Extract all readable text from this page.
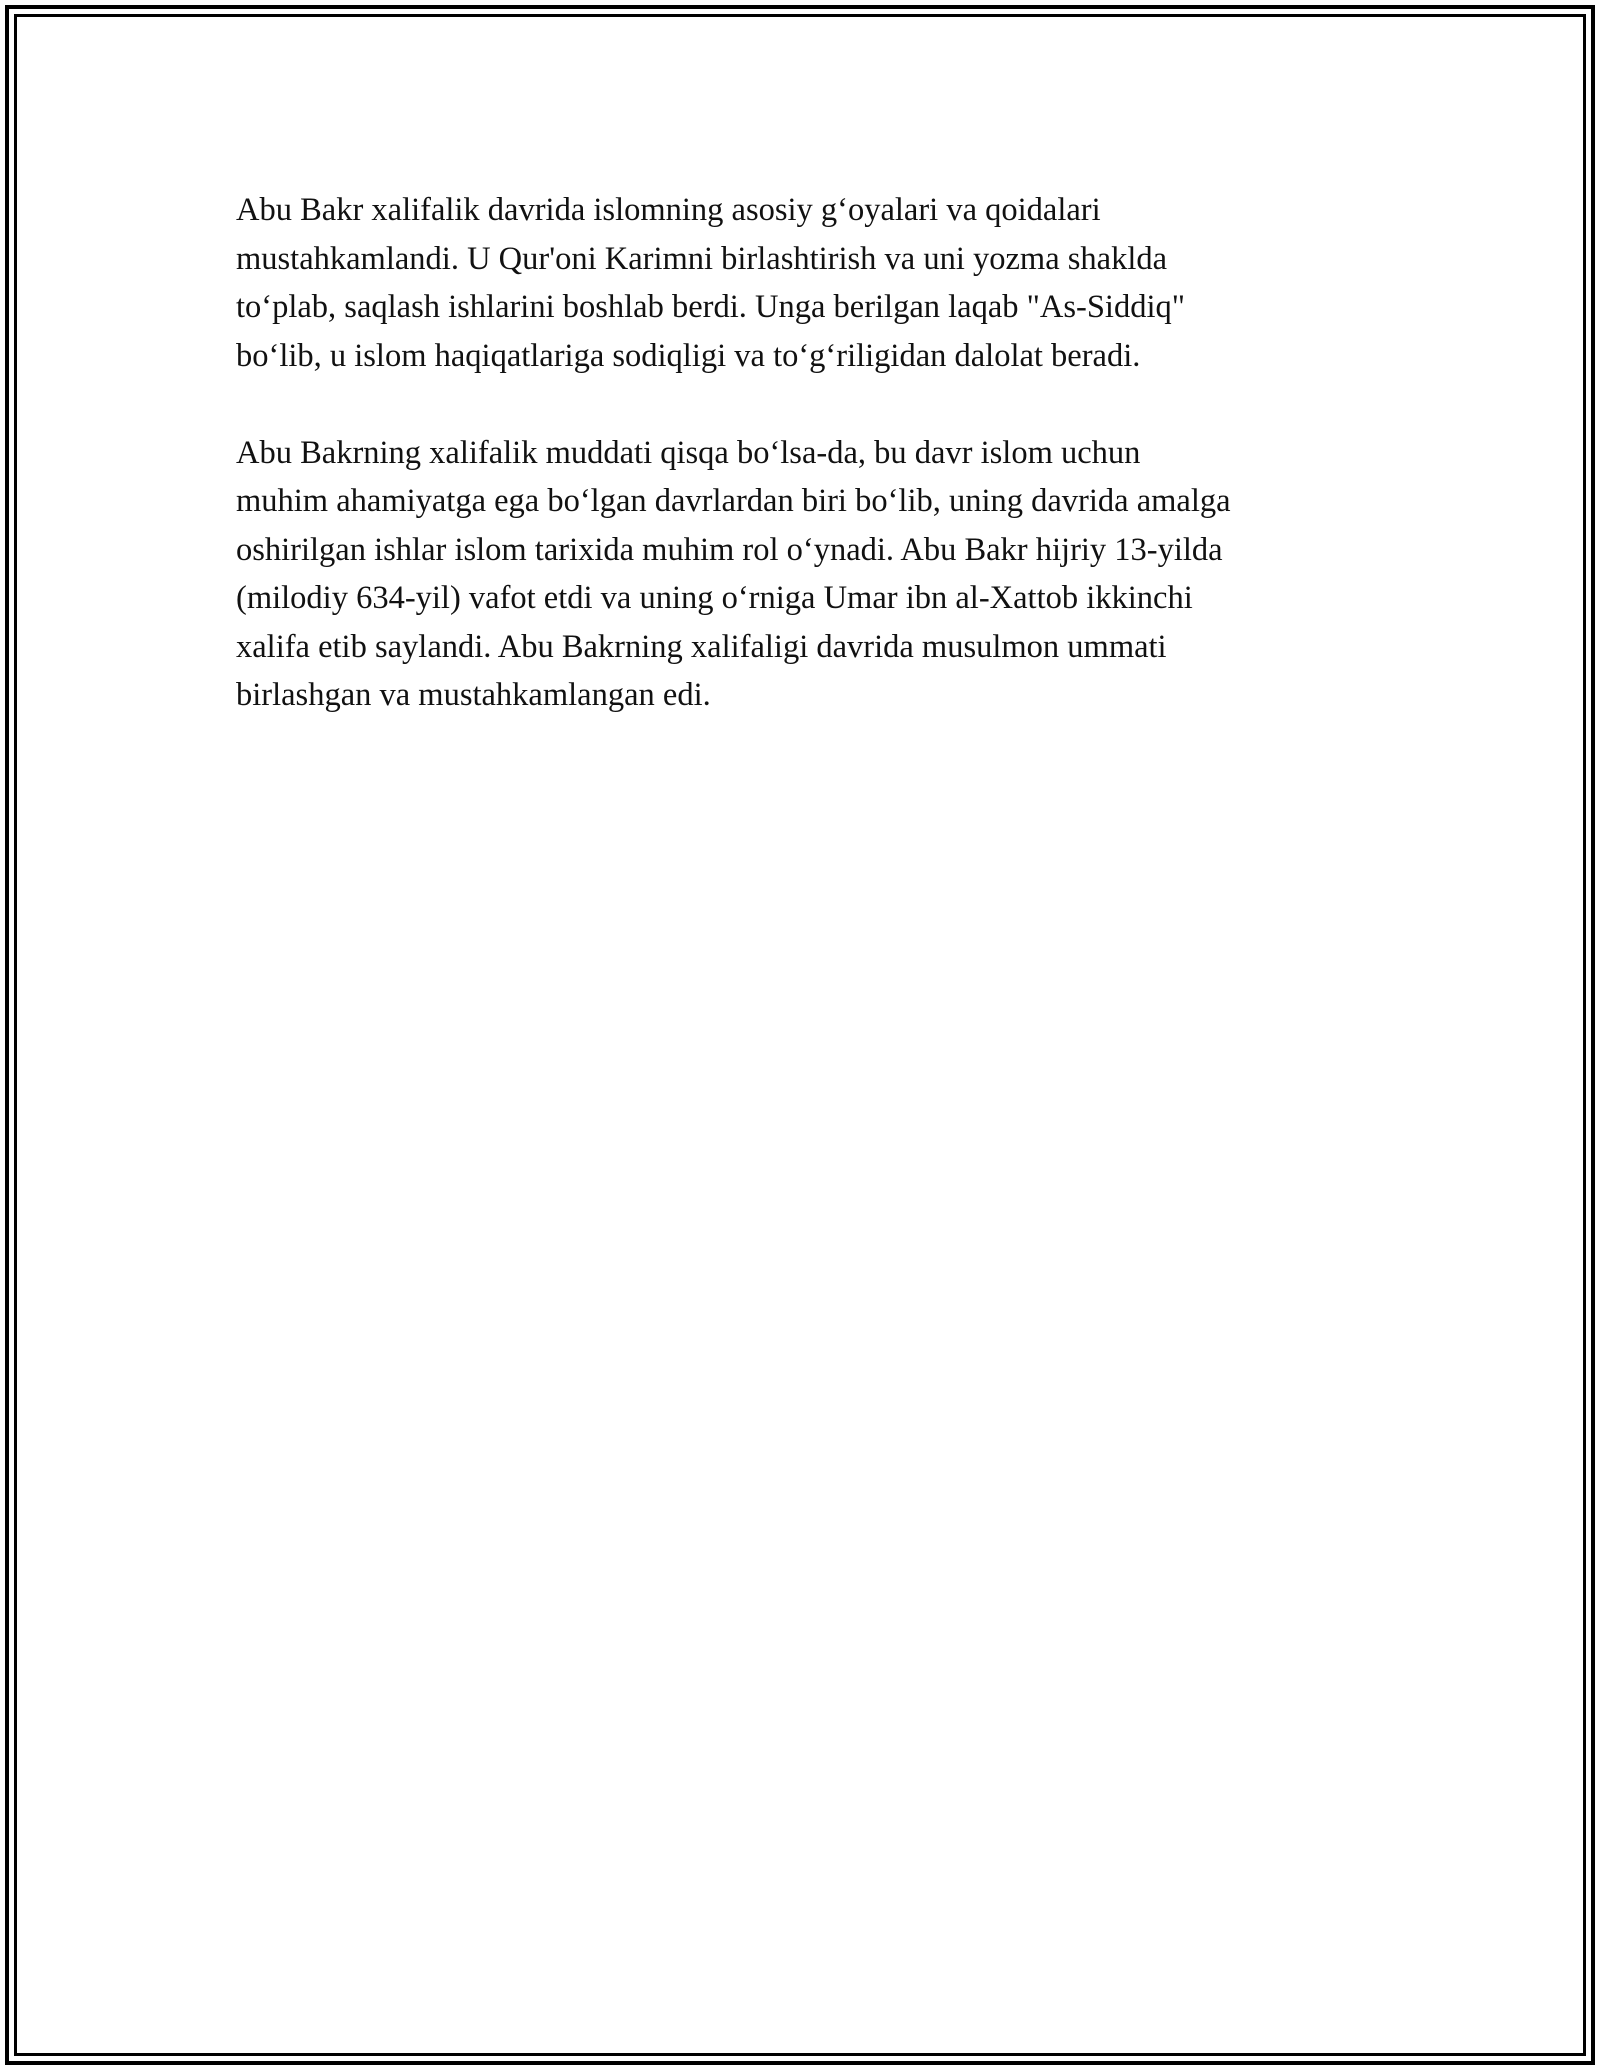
Abu Bakr xalifalik davrida islomning asosiy g‘oyalari va qoidalari
mustahkamlandi. U Qur'oni Karimni birlashtirish va uni yozma shaklda
to‘plab, saqlash ishlarini boshlab berdi. Unga berilgan laqab "As-Siddiq"
bo‘lib, u islom haqiqatlariga sodiqligi va to‘g‘riligidan dalolat beradi.

Abu Bakrning xalifalik muddati qisqa bo‘lsa-da, bu davr islom uchun
muhim ahamiyatga ega bo‘lgan davrlardan biri bo‘lib, uning davrida amalga
oshirilgan ishlar islom tarixida muhim rol o‘ynadi. Abu Bakr hijriy 13-yilda
(milodiy 634-yil) vafot etdi va uning o‘rniga Umar ibn al-Xattob ikkinchi
xalifa etib saylandi. Abu Bakrning xalifaligi davrida musulmon ummati
birlashgan va mustahkamlangan edi.
